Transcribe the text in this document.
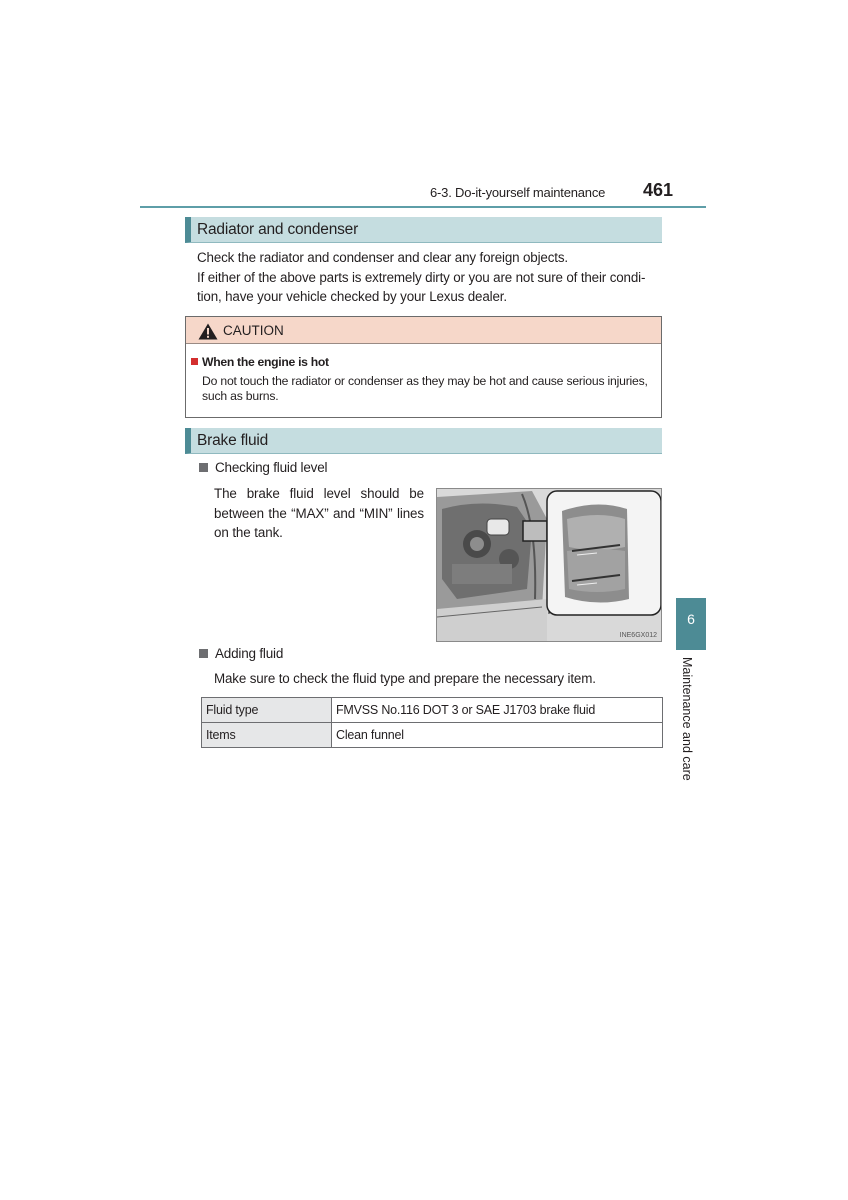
6-3. Do-it-yourself maintenance 461
Radiator and condenser

Check the radiator and condenser and clear any foreign objects.

If either of the above parts is extremely dirty or you are not sure of their condi-

tion, have your vehicle checked by your Lexus dealer.

CAUTION
When the engine is hot
Do not touch the radiator or condenser as they may be hot and cause serious injuries, such as burns.
Brake fluid
Checking fluid level

The brake fluid level should be between the “MAX” and “MIN” lines on the tank.

INE6GX012
Adding fluid

Make sure to check the fluid type and prepare the necessary item.

Fluid type	FMVSS No.116 DOT 3 or SAE J1703 brake fluid
Items	Clean funnel
6
Maintenance and care
